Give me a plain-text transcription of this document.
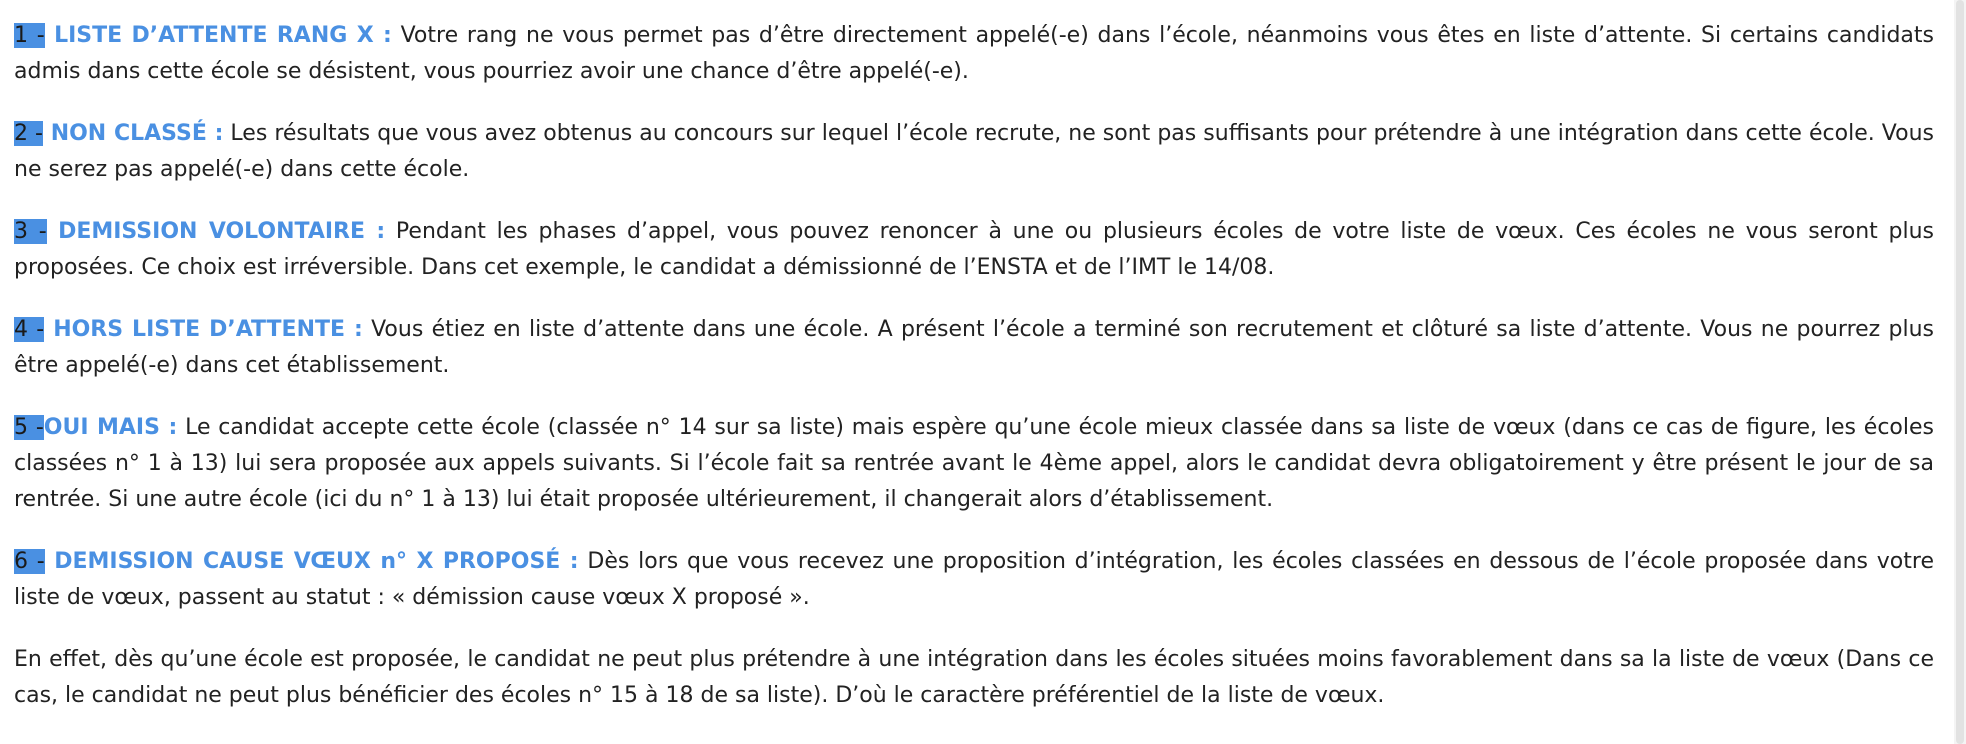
1 - LISTE D’ATTENTE RANG X : Votre rang ne vous permet pas d’être directement appelé(-e) dans l’école, néanmoins vous êtes en liste d’attente. Si certains candidats admis dans cette école se désistent, vous pourriez avoir une chance d’être appelé(-e).

2 - NON CLASSÉ : Les résultats que vous avez obtenus au concours sur lequel l’école recrute, ne sont pas suffisants pour prétendre à une intégration dans cette école. Vous ne serez pas appelé(-e) dans cette école.

3 - DEMISSION VOLONTAIRE : Pendant les phases d’appel, vous pouvez renoncer à une ou plusieurs écoles de votre liste de vœux. Ces écoles ne vous seront plus proposées. Ce choix est irréversible. Dans cet exemple, le candidat a démissionné de l’ENSTA et de l’IMT le 14/08.

4 - HORS LISTE D’ATTENTE : Vous étiez en liste d’attente dans une école. A présent l’école a terminé son recrutement et clôturé sa liste d’attente. Vous ne pourrez plus être appelé(-e) dans cet établissement.

5 -OUI MAIS : Le candidat accepte cette école (classée n° 14 sur sa liste) mais espère qu’une école mieux classée dans sa liste de vœux (dans ce cas de figure, les écoles classées n° 1 à 13) lui sera proposée aux appels suivants. Si l’école fait sa rentrée avant le 4ème appel, alors le candidat devra obligatoirement y être présent le jour de sa rentrée. Si une autre école (ici du n° 1 à 13) lui était proposée ultérieurement, il changerait alors d’établissement.

6 - DEMISSION CAUSE VŒUX n° X PROPOSÉ : Dès lors que vous recevez une proposition d’intégration, les écoles classées en dessous de l’école proposée dans votre liste de vœux, passent au statut : « démission cause vœux X proposé ».

En effet, dès qu’une école est proposée, le candidat ne peut plus prétendre à une intégration dans les écoles situées moins favorablement dans sa la liste de vœux (Dans ce cas, le candidat ne peut plus bénéficier des écoles n° 15 à 18 de sa liste). D’où le caractère préférentiel de la liste de vœux.
